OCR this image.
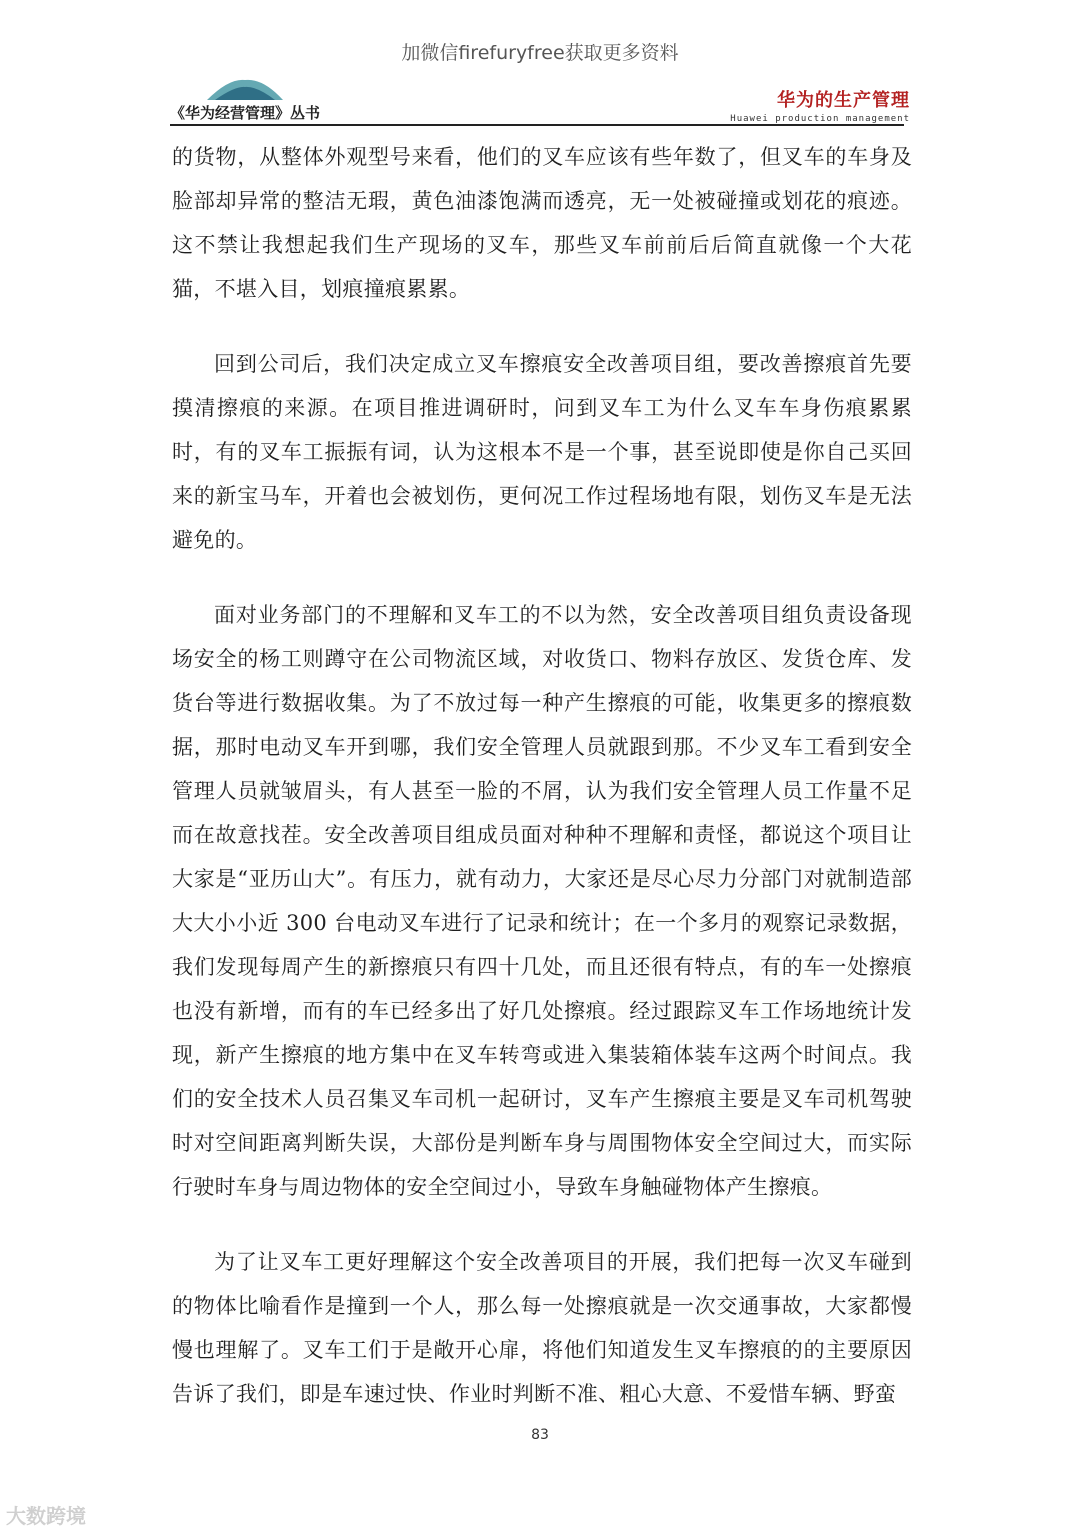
加微信firefuryfree获取更多资料
《华为经营管理》丛书
华为的生产管理
Huawei production management

的货物，从整体外观型号来看，他们的叉车应该有些年数了，但叉车的车身及脸部却异常的整洁无瑕，黄色油漆饱满而透亮，无一处被碰撞或划花的痕迹。这不禁让我想起我们生产现场的叉车，那些叉车前前后后简直就像一个大花猫，不堪入目，划痕撞痕累累。

回到公司后，我们决定成立叉车擦痕安全改善项目组，要改善擦痕首先要摸清擦痕的来源。在项目推进调研时，问到叉车工为什么叉车车身伤痕累累时，有的叉车工振振有词，认为这根本不是一个事，甚至说即使是你自己买回来的新宝马车，开着也会被划伤，更何况工作过程场地有限，划伤叉车是无法避免的。

面对业务部门的不理解和叉车工的不以为然，安全改善项目组负责设备现场安全的杨工则蹲守在公司物流区域，对收货口、物料存放区、发货仓库、发货台等进行数据收集。为了不放过每一种产生擦痕的可能，收集更多的擦痕数据，那时电动叉车开到哪，我们安全管理人员就跟到那。不少叉车工看到安全管理人员就皱眉头，有人甚至一脸的不屑，认为我们安全管理人员工作量不足而在故意找茬。安全改善项目组成员面对种种不理解和责怪，都说这个项目让大家是“亚历山大”。有压力，就有动力，大家还是尽心尽力分部门对就制造部大大小小近 300 台电动叉车进行了记录和统计；在一个多月的观察记录数据，我们发现每周产生的新擦痕只有四十几处，而且还很有特点，有的车一处擦痕也没有新增，而有的车已经多出了好几处擦痕。经过跟踪叉车工作场地统计发现，新产生擦痕的地方集中在叉车转弯或进入集装箱体装车这两个时间点。我们的安全技术人员召集叉车司机一起研讨，叉车产生擦痕主要是叉车司机驾驶时对空间距离判断失误，大部份是判断车身与周围物体安全空间过大，而实际行驶时车身与周边物体的安全空间过小，导致车身触碰物体产生擦痕。

为了让叉车工更好理解这个安全改善项目的开展，我们把每一次叉车碰到的物体比喻看作是撞到一个人，那么每一处擦痕就是一次交通事故，大家都慢慢也理解了。叉车工们于是敞开心扉，将他们知道发生叉车擦痕的的主要原因告诉了我们，即是车速过快、作业时判断不准、粗心大意、不爱惜车辆、野蛮

83
大数跨境
